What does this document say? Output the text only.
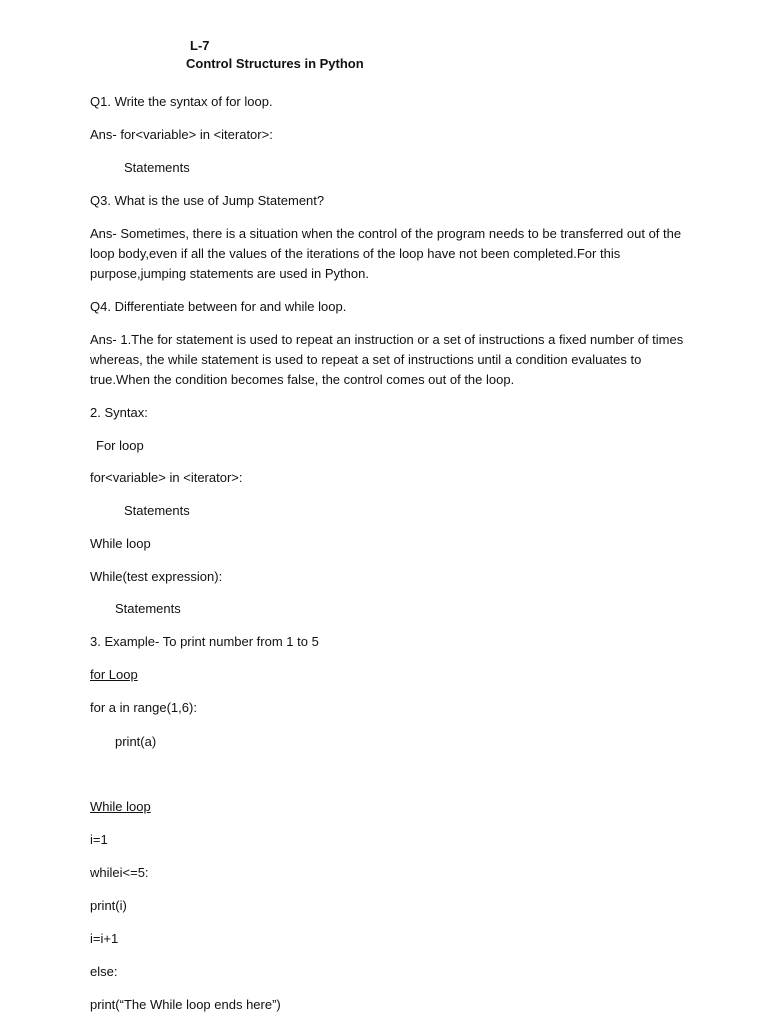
L-7
Control Structures in Python
Q1. Write the syntax of for loop.
Ans- for<variable> in <iterator>:
Statements
Q3. What is the use of Jump Statement?
Ans- Sometimes, there is a situation when the control of the program needs to be transferred out of the
loop body,even if all the values of the iterations of the loop have not been completed.For this
purpose,jumping statements are used in Python.
Q4. Differentiate between for and while loop.
Ans- 1.The for statement is used to repeat an instruction or a set of instructions a fixed number of times
whereas, the while statement is used to repeat a set of instructions until a condition evaluates to
true.When the condition becomes false, the control comes out of the loop.
2. Syntax:
For loop
for<variable> in <iterator>:
Statements
While loop
While(test expression):
Statements
3. Example- To print number from 1 to 5
for Loop
for a in range(1,6):
print(a)
While loop
i=1
whilei<=5:
print(i)
i=i+1
else:
print(“The While loop ends here”)
